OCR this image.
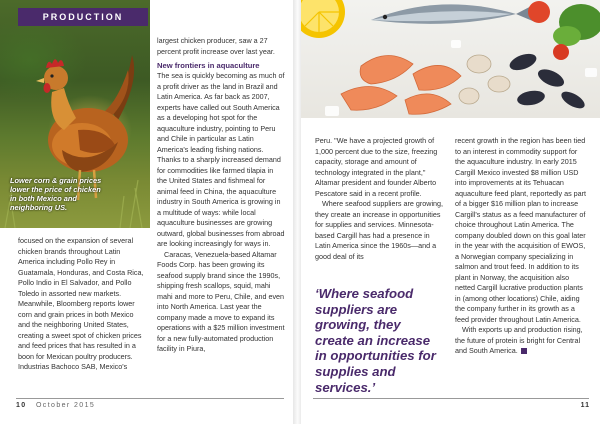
PRODUCTION
Lower corn & grain prices lower the price of chicken in both Mexico and neighboring US.

focused on the expansion of several chicken brands throughout Latin America including Pollo Rey in Guatamala, Honduras, and Costa Rica, Pollo Indio in El Salvador, and Pollo Toledo in assorted new markets. Meanwhile, Bloomberg reports lower corn and grain prices in both Mexico and the neighboring United States, creating a sweet spot of chicken prices and feed prices that has resulted in a boon for Mexican poultry producers. Industrias Bachoco SAB, Mexico's

largest chicken producer, saw a 27 percent profit increase over last year.

New frontiers in aquaculture

The sea is quickly becoming as much of a profit driver as the land in Brazil and Latin America. As far back as 2007, experts have called out South America as a developing hot spot for the aquaculture industry, pointing to Peru and Chile in particular as Latin America's leading fishing nations. Thanks to a sharply increased demand for commodities like farmed tilapia in the United States and fishmeal for animal feed in China, the aquaculture industry in South America is growing in a multitude of ways: while local aquaculture businesses are growing outward, global businesses from abroad are looking increasingly for ways in.

Caracas, Venezuela-based Altamar Foods Corp. has been growing its seafood supply brand since the 1990s, shipping fresh scallops, squid, mahi mahi and more to Peru, Chile, and even into North America. Last year the company made a move to expand its operations with a $25 million investment for a new fully-automated production facility in Piura,

10 October 2015

Peru. "We have a projected growth of 1,000 percent due to the size, freezing capacity, storage and amount of technology integrated in the plant," Altamar president and founder Alberto Pescatore said in a recent profile.

Where seafood suppliers are growing, they create an increase in opportunities for supplies and services. Minnesota-based Cargill has had a presence in Latin America since the 1960s—and a good deal of its

‘Where seafood suppliers are growing, they create an increase in opportunities for supplies and services.’

recent growth in the region has been tied to an interest in commodity support for the aquaculture industry. In early 2015 Cargill Mexico invested $8 million USD into improvements at its Tehuacan aquaculture feed plant, reportedly as part of a bigger $16 million plan to increase Cargill's status as a feed manufacturer of choice throughout Latin America. The company doubled down on this goal later in the year with the acquisition of EWOS, a Norwegian company specializing in salmon and trout feed. In addition to its plant in Norway, the acquisition also netted Cargill lucrative production plants in (among other locations) Chile, aiding the company further in its growth as a feed provider throughout Latin America.

With exports up and production rising, the future of protein is bright for Central and South America.

11
